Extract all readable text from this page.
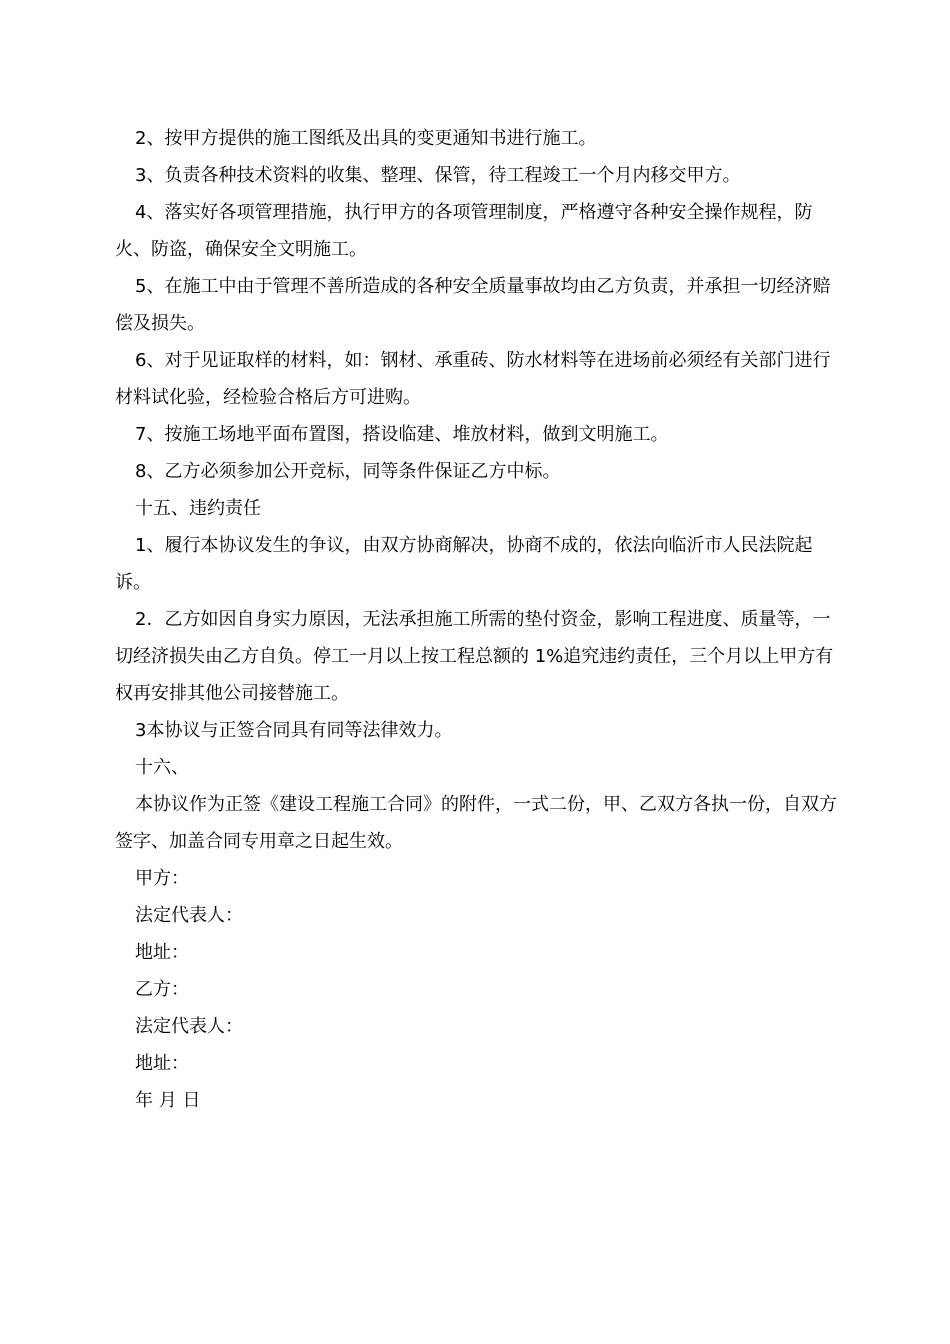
2、按甲方提供的施工图纸及出具的变更通知书进行施工。

3、负责各种技术资料的收集、整理、保管，待工程竣工一个月内移交甲方。

4、落实好各项管理措施，执行甲方的各项管理制度，严格遵守各种安全操作规程，防火、防盗，确保安全文明施工。

5、在施工中由于管理不善所造成的各种安全质量事故均由乙方负责，并承担一切经济赔偿及损失。

6、对于见证取样的材料，如：钢材、承重砖、防水材料等在进场前必须经有关部门进行材料试化验，经检验合格后方可进购。

7、按施工场地平面布置图，搭设临建、堆放材料，做到文明施工。

8、乙方必须参加公开竞标，同等条件保证乙方中标。

十五、违约责任

1、履行本协议发生的争议，由双方协商解决，协商不成的，依法向临沂市人民法院起诉。

2．乙方如因自身实力原因，无法承担施工所需的垫付资金，影响工程进度、质量等，一切经济损失由乙方自负。停工一月以上按工程总额的 1%追究违约责任，三个月以上甲方有权再安排其他公司接替施工。

3本协议与正签合同具有同等法律效力。

十六、

本协议作为正签《建设工程施工合同》的附件，一式二份，甲、乙双方各执一份，自双方签字、加盖合同专用章之日起生效。

甲方：

法定代表人：

地址：

乙方：

法定代表人：

地址：

年 月 日
